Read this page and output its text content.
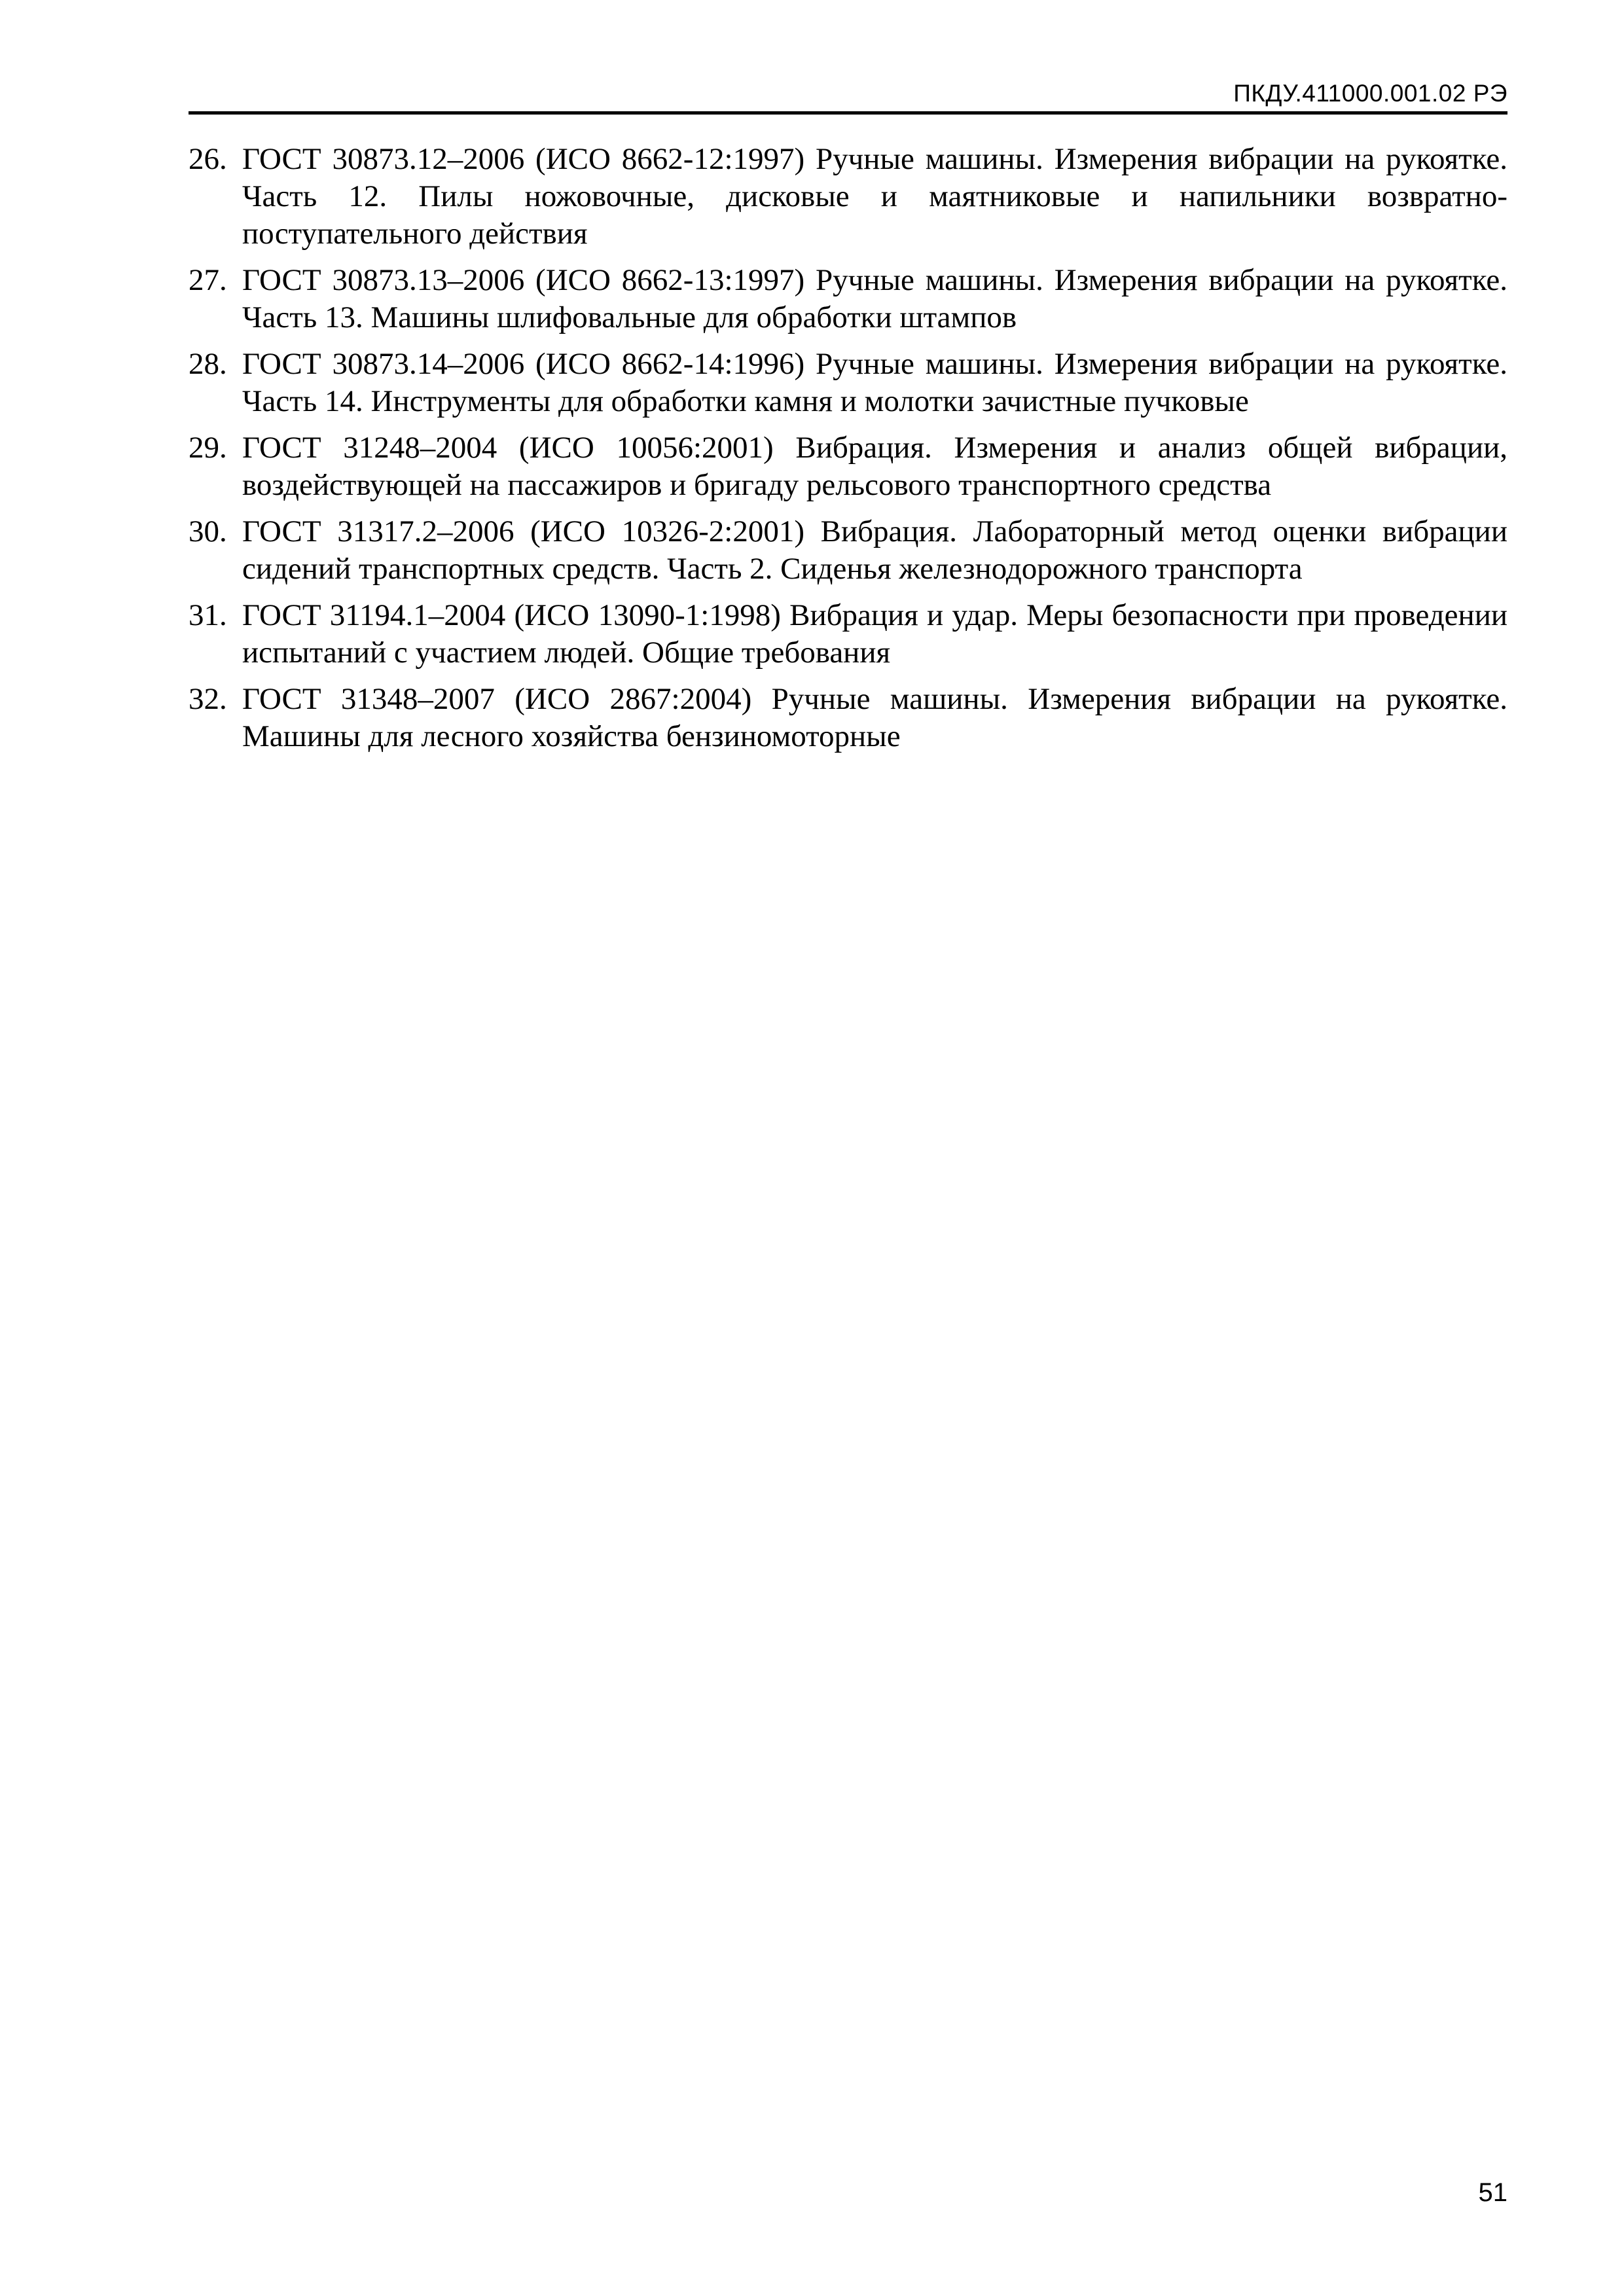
ПКДУ.411000.001.02 РЭ
26. ГОСТ 30873.12–2006 (ИСО 8662-12:1997) Ручные машины. Измерения вибрации на рукоятке. Часть 12. Пилы ножовочные, дисковые и маятниковые и напильники возвратно-поступательного действия
27. ГОСТ 30873.13–2006 (ИСО 8662-13:1997) Ручные машины. Измерения вибрации на рукоятке. Часть 13. Машины шлифовальные для обработки штампов
28. ГОСТ 30873.14–2006 (ИСО 8662-14:1996) Ручные машины. Измерения вибрации на рукоятке. Часть 14. Инструменты для обработки камня и молотки зачистные пучковые
29. ГОСТ 31248–2004 (ИСО 10056:2001) Вибрация. Измерения и анализ общей вибрации, воздействующей на пассажиров и бригаду рельсового транспортного средства
30. ГОСТ 31317.2–2006 (ИСО 10326-2:2001) Вибрация. Лабораторный метод оценки вибрации сидений транспортных средств. Часть 2. Сиденья железнодорожного транспорта
31. ГОСТ 31194.1–2004 (ИСО 13090-1:1998) Вибрация и удар. Меры безопасности при проведении испытаний с участием людей. Общие требования
32. ГОСТ 31348–2007 (ИСО 2867:2004) Ручные машины. Измерения вибрации на рукоятке. Машины для лесного хозяйства бензиномоторные
51
